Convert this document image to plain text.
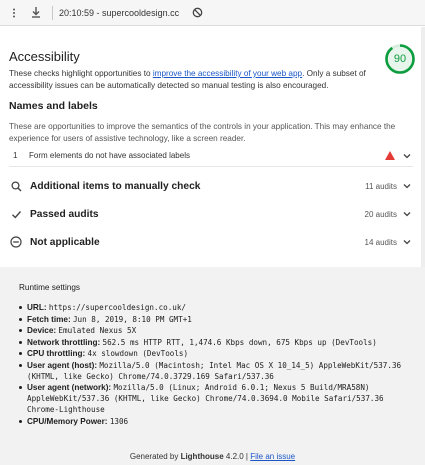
20:10:59 - supercooldesign.cc
Accessibility	90
These checks highlight opportunities to improve the accessibility of your web app. Only a subset of accessibility issues can be automatically detected so manual testing is also encouraged.
Names and labels
These are opportunities to improve the semantics of the controls in your application. This may enhance the experience for users of assistive technology, like a screen reader.
1	Form elements do not have associated labels
Additional items to manually check	11 audits
Passed audits	20 audits
Not applicable	14 audits
Runtime settings
URL: https://supercooldesign.co.uk/
Fetch time: Jun 8, 2019, 8:10 PM GMT+1
Device: Emulated Nexus 5X
Network throttling: 562.5 ms HTTP RTT, 1,474.6 Kbps down, 675 Kbps up (DevTools)
CPU throttling: 4x slowdown (DevTools)
User agent (host): Mozilla/5.0 (Macintosh; Intel Mac OS X 10_14_5) AppleWebKit/537.36 (KHTML, like Gecko) Chrome/74.0.3729.169 Safari/537.36
User agent (network): Mozilla/5.0 (Linux; Android 6.0.1; Nexus 5 Build/MRA58N) AppleWebKit/537.36 (KHTML, like Gecko) Chrome/74.0.3694.0 Mobile Safari/537.36 Chrome-Lighthouse
CPU/Memory Power: 1306
Generated by Lighthouse 4.2.0 | File an issue
